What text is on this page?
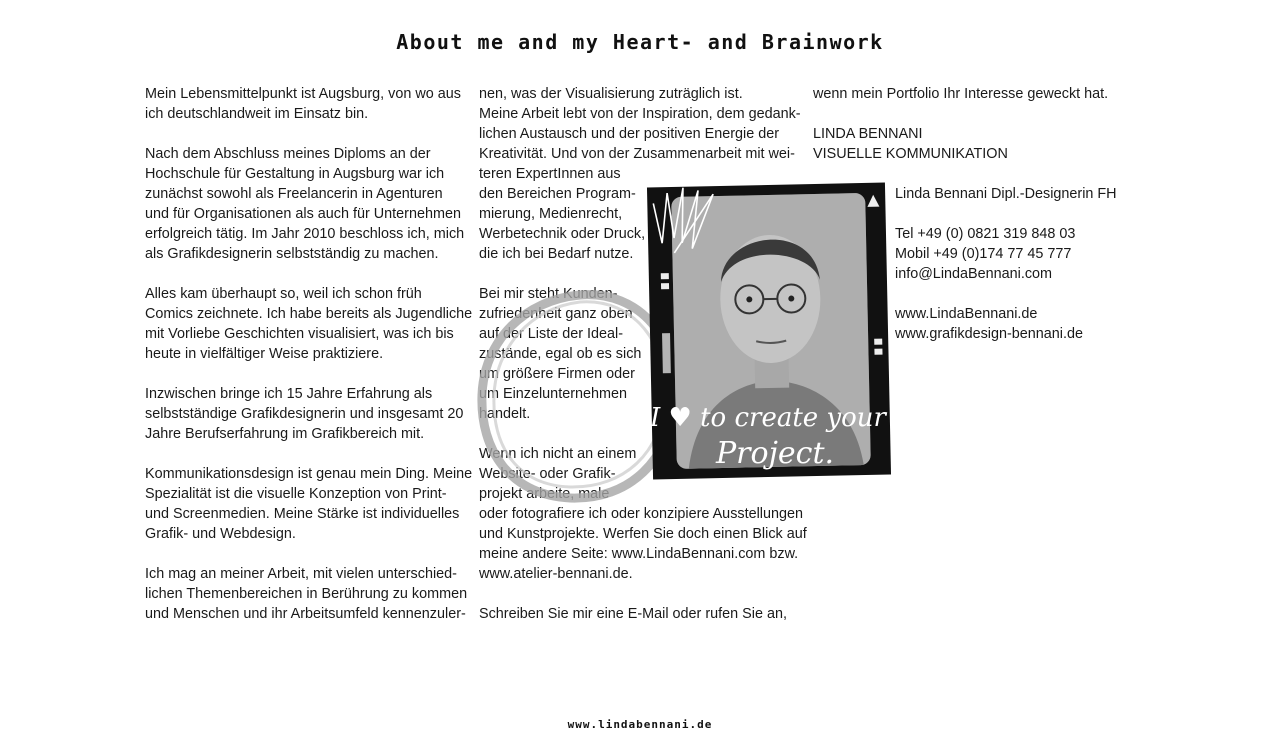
About me and my Heart- and Brainwork
Mein Lebensmittelpunkt ist Augsburg, von wo aus
ich deutschlandweit im Einsatz bin.
Nach dem Abschluss meines Diploms an der
Hochschule für Gestaltung in Augsburg war ich
zunächst sowohl als Freelancerin in Agenturen
und für Organisationen als auch für Unternehmen
erfolgreich tätig. Im Jahr 2010 beschloss ich, mich
als Grafikdesignerin selbstständig zu machen.
Alles kam überhaupt so, weil ich schon früh
Comics zeichnete. Ich habe bereits als Jugendliche
mit Vorliebe Geschichten visualisiert, was ich bis
heute in vielfältiger Weise praktiziere.
Inzwischen bringe ich 15 Jahre Erfahrung als
selbstständige Grafikdesignerin und insgesamt 20
Jahre Berufserfahrung im Grafikbereich mit.
Kommunikationsdesign ist genau mein Ding. Meine
Spezialität ist die visuelle Konzeption von Print-
und Screenmedien. Meine Stärke ist individuelles
Grafik- und Webdesign.
Ich mag an meiner Arbeit, mit vielen unterschied-
lichen Themenbereichen in Berührung zu kommen
und Menschen und ihr Arbeitsumfeld kennenzuler-
nen, was der Visualisierung zuträglich ist.
Meine Arbeit lebt von der Inspiration, dem gedank-
lichen Austausch und der positiven Energie der
Kreativität. Und von der Zusammenarbeit mit wei-
teren ExpertInnen aus
den Bereichen Program-
mierung, Medienrecht,
Werbetechnik oder Druck,
die ich bei Bedarf nutze.
Bei mir steht Kunden-
zufriedenheit ganz oben
auf der Liste der Ideal-
zustände, egal ob es sich
um größere Firmen oder
um Einzelunternehmen
handelt.
Wenn ich nicht an einem
Website- oder Grafik-
projekt arbeite, male
oder fotografiere ich oder konzipiere Ausstellungen
und Kunstprojekte. Werfen Sie doch einen Blick auf
meine andere Seite: www.LindaBennani.com bzw.
www.atelier-bennani.de.
Schreiben Sie mir eine E-Mail oder rufen Sie an,
wenn mein Portfolio Ihr Interesse geweckt hat.
LINDA BENNANI
VISUELLE KOMMUNIKATION
Linda Bennani Dipl.-Designerin FH
Tel +49 (0) 0821 319 848 03
Mobil +49 (0)174 77 45 777
info@LindaBennani.com
www.LindaBennani.de
www.grafikdesign-bennani.de
I ♥ to create your
Project.
www.lindabennani.de
